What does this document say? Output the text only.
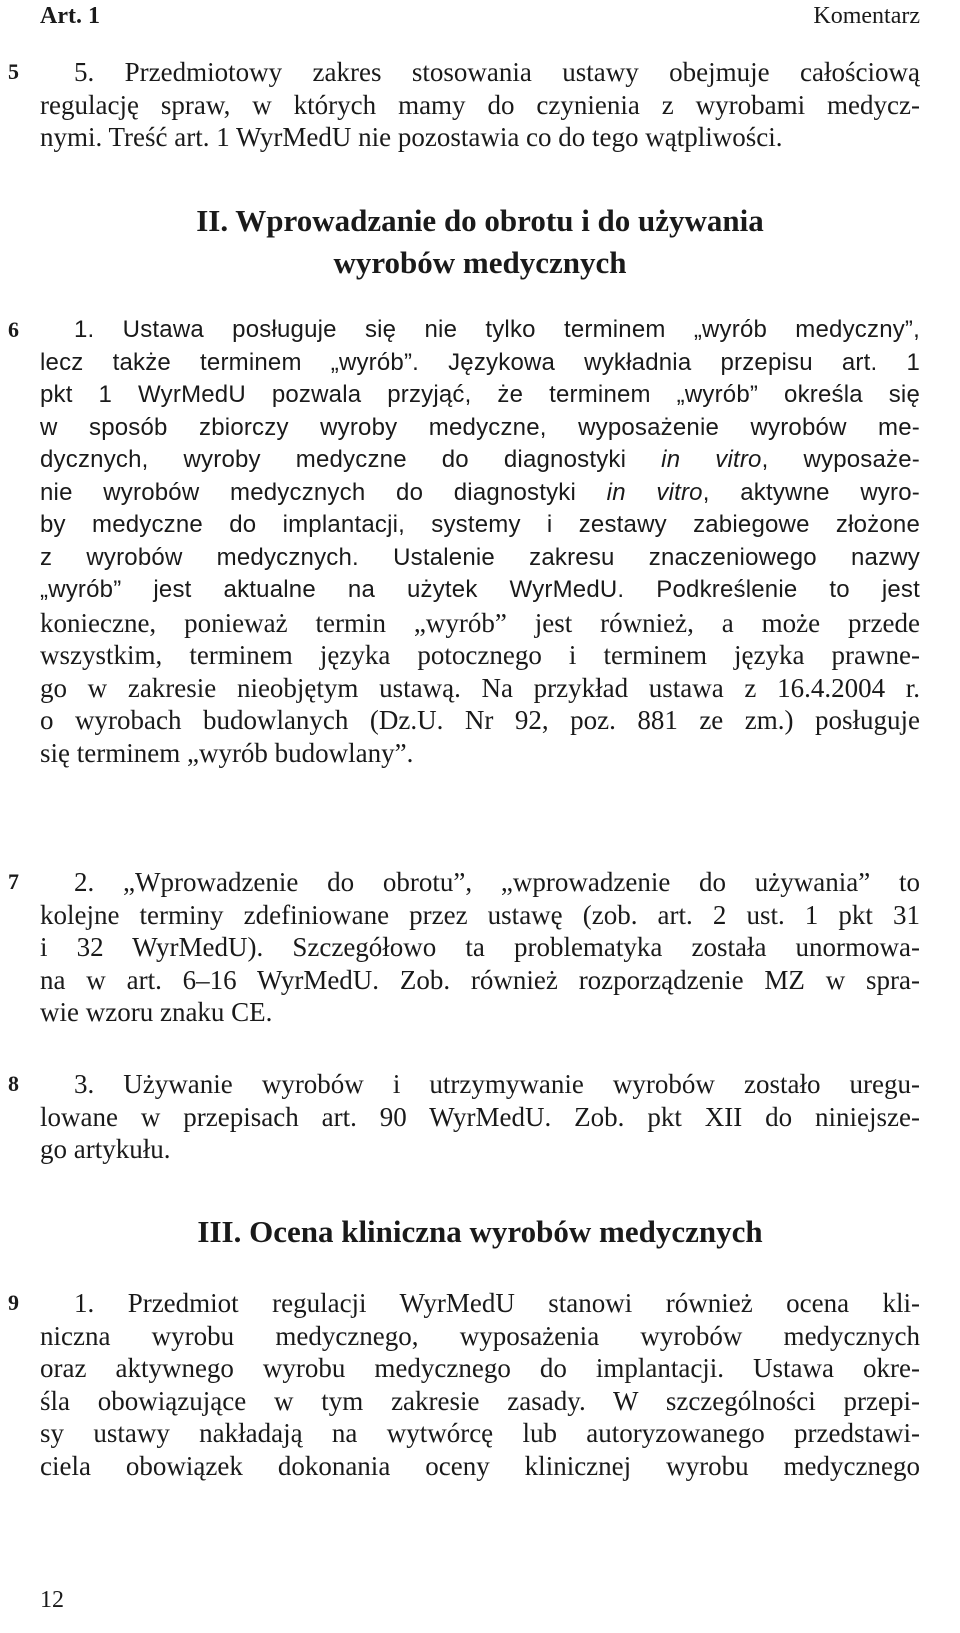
Art. 1	Komentarz
5	5. Przedmiotowy zakres stosowania ustawy obejmuje całościową
regulację spraw, w których mamy do czynienia z wyrobami medycz-
nymi. Treść art. 1 WyrMedU nie pozostawia co do tego wątpliwości.
II. Wprowadzanie do obrotu i do używania
wyrobów medycznych
6	1. Ustawa posługuje się nie tylko terminem „wyrób medyczny”,
lecz także terminem „wyrób”. Językowa wykładnia przepisu art. 1
pkt 1 WyrMedU pozwala przyjąć, że terminem „wyrób” określa się
w sposób zbiorczy wyroby medyczne, wyposażenie wyrobów me-
dycznych, wyroby medyczne do diagnostyki in vitro, wyposaże-
nie wyrobów medycznych do diagnostyki in vitro, aktywne wyro-
by medyczne do implantacji, systemy i zestawy zabiegowe złożone
z wyrobów medycznych. Ustalenie zakresu znaczeniowego nazwy
„wyrób” jest aktualne na użytek WyrMedU. Podkreślenie to jest
konieczne, ponieważ termin „wyrób” jest również, a może przede
wszystkim, terminem języka potocznego i terminem języka prawne-
go w zakresie nieobjętym ustawą. Na przykład ustawa z 16.4.2004 r.
o wyrobach budowlanych (Dz.U. Nr 92, poz. 881 ze zm.) posługuje
się terminem „wyrób budowlany”.
7	2. „Wprowadzenie do obrotu”, „wprowadzenie do używania” to
kolejne terminy zdefiniowane przez ustawę (zob. art. 2 ust. 1 pkt 31
i 32 WyrMedU). Szczegółowo ta problematyka została unormowa-
na w art. 6–16 WyrMedU. Zob. również rozporządzenie MZ w spra-
wie wzoru znaku CE.
8	3. Używanie wyrobów i utrzymywanie wyrobów zostało uregu-
lowane w przepisach art. 90 WyrMedU. Zob. pkt XII do niniejsze-
go artykułu.
III. Ocena kliniczna wyrobów medycznych
9	1. Przedmiot regulacji WyrMedU stanowi również ocena kli-
niczna wyrobu medycznego, wyposażenia wyrobów medycznych
oraz aktywnego wyrobu medycznego do implantacji. Ustawa okre-
śla obowiązujące w tym zakresie zasady. W szczególności przepi-
sy ustawy nakładają na wytwórcę lub autoryzowanego przedstawi-
ciela obowiązek dokonania oceny klinicznej wyrobu medycznego
12
